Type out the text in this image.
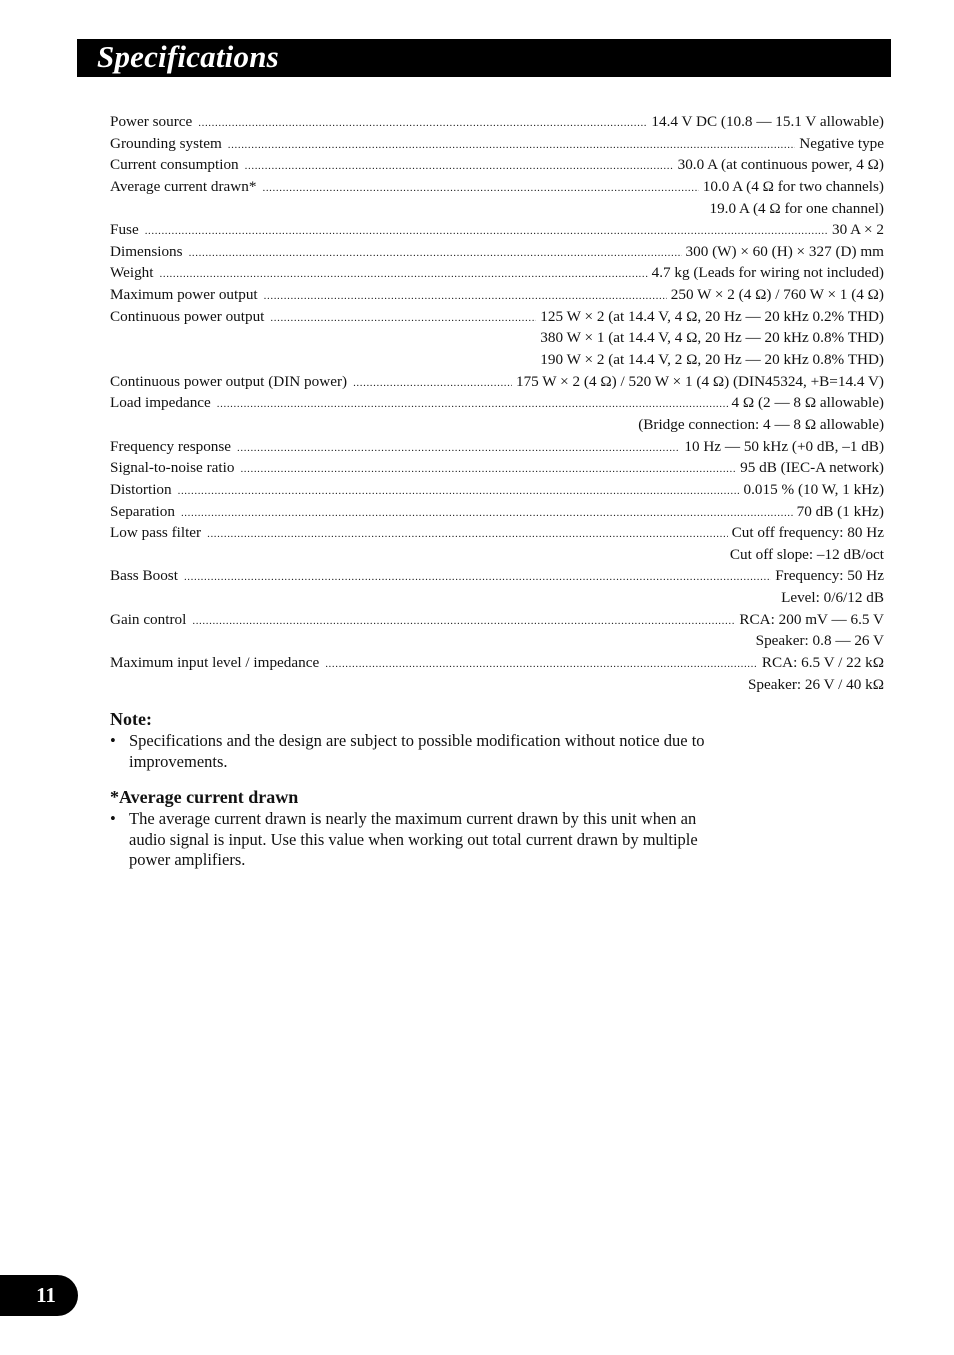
Specifications
Power source .....	14.4 V DC (10.8 — 15.1 V allowable)
Grounding system .....	Negative type
Current consumption .....	30.0 A (at continuous power, 4 Ω)
Average current drawn* .....	10.0 A (4 Ω for two channels)
19.0 A (4 Ω for one channel)
Fuse .....	30 A × 2
Dimensions .....	300 (W) × 60 (H) × 327 (D) mm
Weight .....	4.7 kg (Leads for wiring not included)
Maximum power output .....	250 W × 2 (4 Ω) / 760 W × 1 (4 Ω)
Continuous power output .....	125 W × 2 (at 14.4 V, 4 Ω, 20 Hz — 20 kHz 0.2% THD)
380 W × 1 (at 14.4 V, 4 Ω, 20 Hz — 20 kHz 0.8% THD)
190 W × 2 (at 14.4 V, 2 Ω, 20 Hz — 20 kHz 0.8% THD)
Continuous power output (DIN power) .....	175 W × 2 (4 Ω) / 520 W × 1 (4 Ω) (DIN45324, +B=14.4 V)
Load impedance .....	4 Ω (2 — 8 Ω allowable)
(Bridge connection: 4 — 8 Ω allowable)
Frequency response .....	10 Hz — 50 kHz (+0 dB, –1 dB)
Signal-to-noise ratio .....	95 dB (IEC-A network)
Distortion .....	0.015 % (10 W, 1 kHz)
Separation .....	70 dB (1 kHz)
Low pass filter .....	Cut off frequency: 80 Hz
Cut off slope: –12 dB/oct
Bass Boost .....	Frequency: 50 Hz
Level: 0/6/12 dB
Gain control .....	RCA: 200 mV — 6.5 V
Speaker: 0.8 — 26 V
Maximum input level / impedance .....	RCA: 6.5 V / 22 kΩ
Speaker: 26 V / 40 kΩ
Note:
• Specifications and the design are subject to possible modification without notice due to improvements.
*Average current drawn
• The average current drawn is nearly the maximum current drawn by this unit when an audio signal is input. Use this value when working out total current drawn by multiple power amplifiers.
11
